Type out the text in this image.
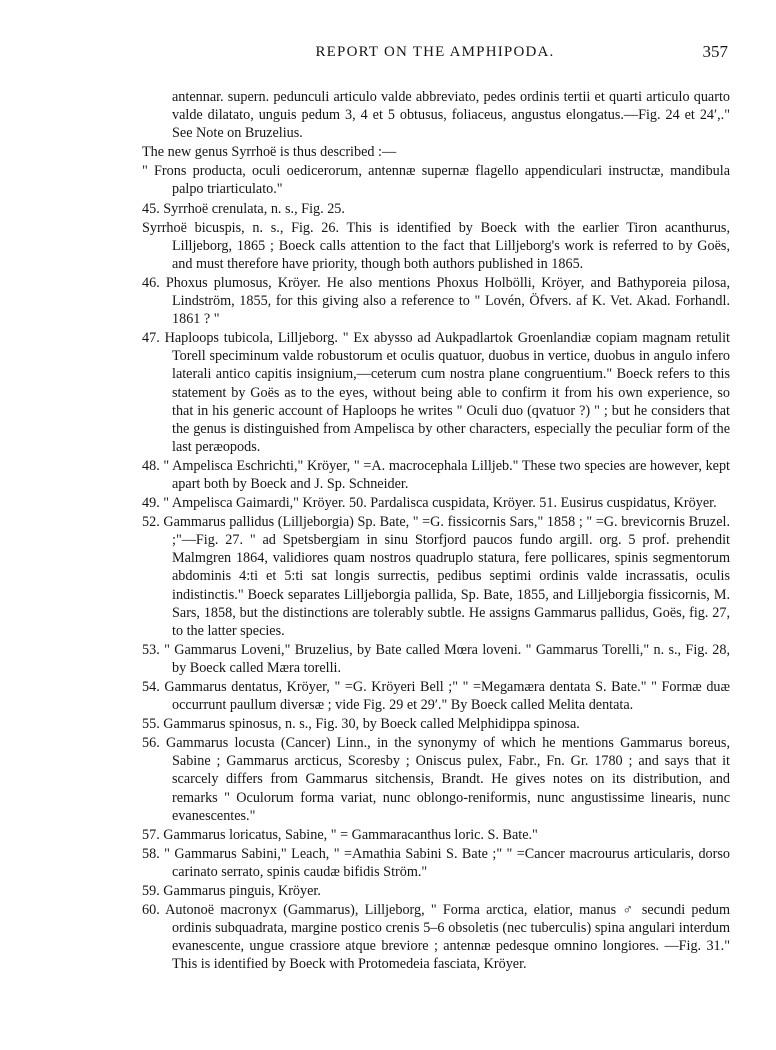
REPORT ON THE AMPHIPODA.	357

antennar. supern. pedunculi articulo valde abbreviato, pedes ordinis tertii et quarti articulo quarto valde dilatato, unguis pedum 3, 4 et 5 obtusus, foliaceus, angustus elongatus.—Fig. 24 et 24′,." See Note on Bruzelius.

The new genus Syrrhoë is thus described :—

" Frons producta, oculi oedicerorum, antennæ supernæ flagello appendiculari instructæ, mandibula palpo triarticulato."

45. Syrrhoë crenulata, n. s., Fig. 25.

Syrrhoë bicuspis, n. s., Fig. 26. This is identified by Boeck with the earlier Tiron acanthurus, Lilljeborg, 1865 ; Boeck calls attention to the fact that Lilljeborg's work is referred to by Goës, and must therefore have priority, though both authors published in 1865.

46. Phoxus plumosus, Kröyer. He also mentions Phoxus Holbölli, Kröyer, and Bathyporeia pilosa, Lindström, 1855, for this giving also a reference to " Lovén, Öfvers. af K. Vet. Akad. Forhandl. 1861 ? "

47. Haploops tubicola, Lilljeborg. " Ex abysso ad Aukpadlartok Groenlandiæ copiam magnam retulit Torell speciminum valde robustorum et oculis quatuor, duobus in vertice, duobus in angulo infero laterali antico capitis insignium,—ceterum cum nostra plane congruentium." Boeck refers to this statement by Goës as to the eyes, without being able to confirm it from his own experience, so that in his generic account of Haploops he writes " Oculi duo (qvatuor ?) " ; but he considers that the genus is distinguished from Ampelisca by other characters, especially the peculiar form of the last peræopods.

48. " Ampelisca Eschrichti," Kröyer, " =A. macrocephala Lilljeb." These two species are however, kept apart both by Boeck and J. Sp. Schneider.

49. " Ampelisca Gaimardi," Kröyer. 50. Pardalisca cuspidata, Kröyer. 51. Eusirus cuspidatus, Kröyer.

52. Gammarus pallidus (Lilljeborgia) Sp. Bate, " =G. fissicornis Sars," 1858 ; " =G. brevicornis Bruzel. ;"—Fig. 27. " ad Spetsbergiam in sinu Storfjord paucos fundo argill. org. 5 prof. prehendit Malmgren 1864, validiores quam nostros quadruplo statura, fere pollicares, spinis segmentorum abdominis 4:ti et 5:ti sat longis surrectis, pedibus septimi ordinis valde incrassatis, oculis indistinctis." Boeck separates Lilljeborgia pallida, Sp. Bate, 1855, and Lilljeborgia fissicornis, M. Sars, 1858, but the distinctions are tolerably subtle. He assigns Gammarus pallidus, Goës, fig. 27, to the latter species.

53. " Gammarus Loveni," Bruzelius, by Bate called Mœra loveni. " Gammarus Torelli," n. s., Fig. 28, by Boeck called Mæra torelli.

54. Gammarus dentatus, Kröyer, " =G. Kröyeri Bell ;" " =Megamæra dentata S. Bate." " Formæ duæ occurrunt paullum diversæ ; vide Fig. 29 et 29′." By Boeck called Melita dentata.

55. Gammarus spinosus, n. s., Fig. 30, by Boeck called Melphidippa spinosa.

56. Gammarus locusta (Cancer) Linn., in the synonymy of which he mentions Gammarus boreus, Sabine ; Gammarus arcticus, Scoresby ; Oniscus pulex, Fabr., Fn. Gr. 1780 ; and says that it scarcely differs from Gammarus sitchensis, Brandt. He gives notes on its distribution, and remarks " Oculorum forma variat, nunc oblongo-reniformis, nunc angustissime linearis, nunc evanescentes."

57. Gammarus loricatus, Sabine, " = Gammaracanthus loric. S. Bate."

58. " Gammarus Sabini," Leach, " =Amathia Sabini S. Bate ;" " =Cancer macrourus articularis, dorso carinato serrato, spinis caudæ bifidis Ström."

59. Gammarus pinguis, Kröyer.

60. Autonoë macronyx (Gammarus), Lilljeborg, " Forma arctica, elatior, manus ♂ secundi pedum ordinis subquadrata, margine postico crenis 5–6 obsoletis (nec tuberculis) spina angulari interdum evanescente, ungue crassiore atque breviore ; antennæ pedesque omnino longiores. —Fig. 31." This is identified by Boeck with Protomedeia fasciata, Kröyer.
